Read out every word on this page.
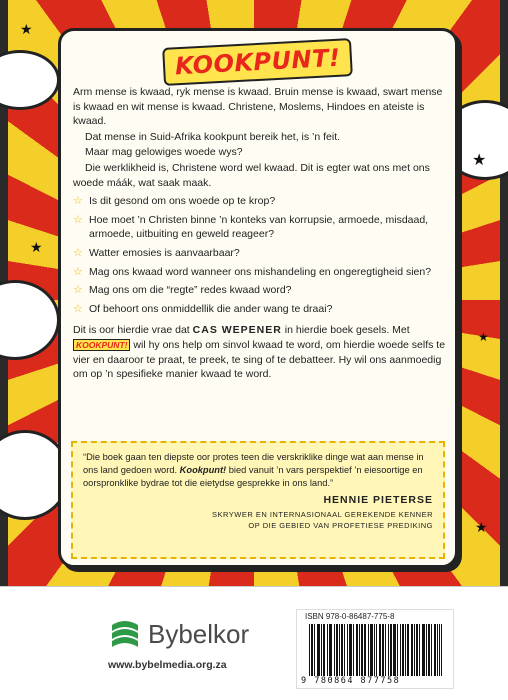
★
★
★
★
★
KOOKPUNT!

Arm mense is kwaad, ryk mense is kwaad. Bruin mense is kwaad, swart mense is kwaad en wit mense is kwaad. Christene, Moslems, Hindoes en ateiste is kwaad.

Dat mense in Suid-Afrika kookpunt bereik het, is ’n feit.

Maar mag gelowiges woede wys?

Die werklikheid is, Christene word wel kwaad. Dit is egter wat ons met ons woede máák, wat saak maak.

☆ Is dit gesond om ons woede op te krop?
☆ Hoe moet ’n Christen binne ’n konteks van korrupsie, armoede, misdaad, armoede, uitbuiting en geweld reageer?
☆ Watter emosies is aanvaarbaar?
☆ Mag ons kwaad word wanneer ons mishandeling en ongeregtigheid sien?
☆ Mag ons om die “regte” redes kwaad word?
☆ Of behoort ons onmiddellik die ander wang te draai?

Dit is oor hierdie vrae dat CAS WEPENER in hierdie boek gesels. Met KOOKPUNT! wil hy ons help om sinvol kwaad te word, om hierdie woede selfs te vier en daaroor te praat, te preek, te sing of te debatteer. Hy wil ons aanmoedig om op ’n spesifieke manier kwaad te word.

“Die boek gaan ten diepste oor protes teen die verskriklike dinge wat aan mense in ons land gedoen word. Kookpunt! bied vanuit ’n vars perspektief ’n eiesoortige en oorspronklike bydrae tot die eietydse gesprekke in ons land.”

HENNIE PIETERSE

SKRYWER EN INTERNASIONAAL GEREKENDE KENNER
OP DIE GEBIED VAN PROFETIESE PREDIKING

Bybelkor
www.bybelmedia.org.za
ISBN 978-0-86487-775-8
9 780864 877758
